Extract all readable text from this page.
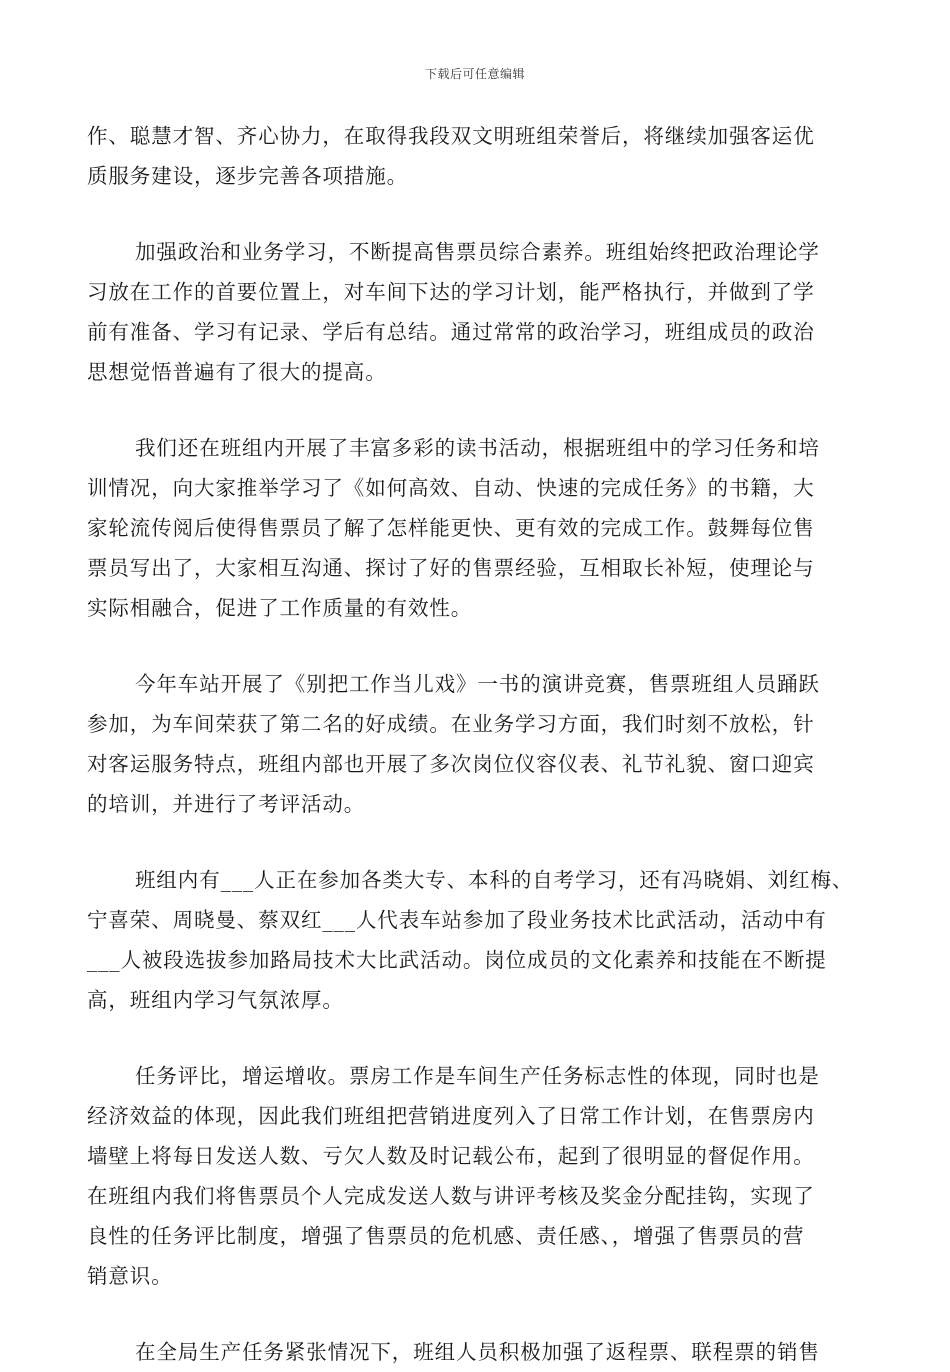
下载后可任意编辑

作、聪慧才智、齐心协力，在取得我段双文明班组荣誉后，将继续加强客运优
质服务建设，逐步完善各项措施。

加强政治和业务学习，不断提高售票员综合素养。班组始终把政治理论学
习放在工作的首要位置上，对车间下达的学习计划，能严格执行，并做到了学
前有准备、学习有记录、学后有总结。通过常常的政治学习，班组成员的政治
思想觉悟普遍有了很大的提高。

我们还在班组内开展了丰富多彩的读书活动，根据班组中的学习任务和培
训情况，向大家推举学习了《如何高效、自动、快速的完成任务》的书籍，大
家轮流传阅后使得售票员了解了怎样能更快、更有效的完成工作。鼓舞每位售
票员写出了，大家相互沟通、探讨了好的售票经验，互相取长补短，使理论与
实际相融合，促进了工作质量的有效性。

今年车站开展了《别把工作当儿戏》一书的演讲竞赛，售票班组人员踊跃
参加，为车间荣获了第二名的好成绩。在业务学习方面，我们时刻不放松，针
对客运服务特点，班组内部也开展了多次岗位仪容仪表、礼节礼貌、窗口迎宾
的培训，并进行了考评活动。

班组内有___人正在参加各类大专、本科的自考学习，还有冯晓娟、刘红梅、
宁喜荣、周晓曼、蔡双红___人代表车站参加了段业务技术比武活动，活动中有
___人被段选拔参加路局技术大比武活动。岗位成员的文化素养和技能在不断提
高，班组内学习气氛浓厚。

任务评比，增运增收。票房工作是车间生产任务标志性的体现，同时也是
经济效益的体现，因此我们班组把营销进度列入了日常工作计划，在售票房内
墙壁上将每日发送人数、亏欠人数及时记载公布，起到了很明显的督促作用。
在班组内我们将售票员个人完成发送人数与讲评考核及奖金分配挂钩，实现了
良性的任务评比制度，增强了售票员的危机感、责任感、，增强了售票员的营
销意识。

在全局生产任务紧张情况下，班组人员积极加强了返程票、联程票的销售
